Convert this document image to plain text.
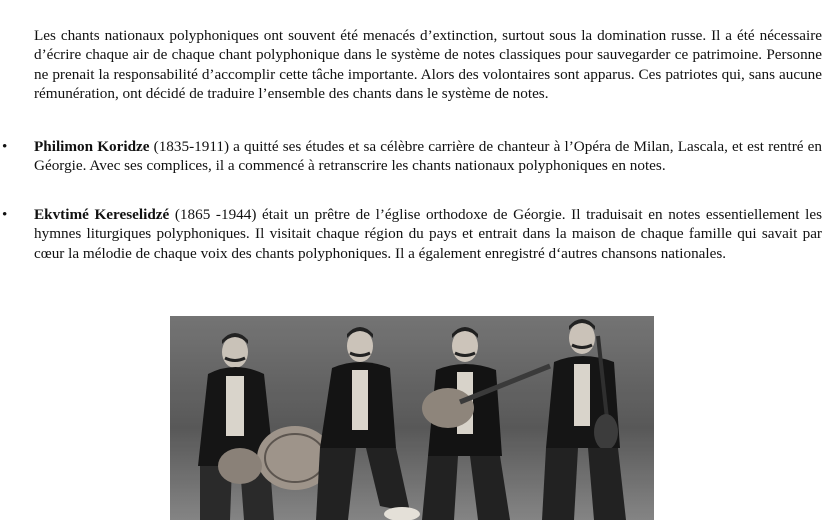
Les chants nationaux polyphoniques ont souvent été menacés d’extinction, surtout sous la domination russe. Il a été nécessaire d’écrire chaque air de chaque chant polyphonique dans le système de notes classiques pour sauvegarder ce patrimoine. Personne ne prenait la responsabilité d’accomplir cette tâche importante. Alors des volontaires sont apparus. Ces patriotes qui, sans aucune rémunération, ont décidé de traduire l’ensemble des chants dans le système de notes.

• Philimon Koridze (1835-1911) a quitté ses études et sa célèbre carrière de chanteur à l’Opéra de Milan, Lascala, et est rentré en Géorgie. Avec ses complices, il a commencé à retranscrire les chants nationaux polyphoniques en notes.

• Ekvtimé Kereselidzé (1865 -1944) était un prêtre de l’église orthodoxe de Géorgie. Il traduisait en notes essentiellement les hymnes liturgiques polyphoniques. Il visitait chaque région du pays et entrait dans la maison de chaque famille qui savait par cœur la mélodie de chaque voix des chants polyphoniques. Il a également enregistré d‘autres chansons nationales.
